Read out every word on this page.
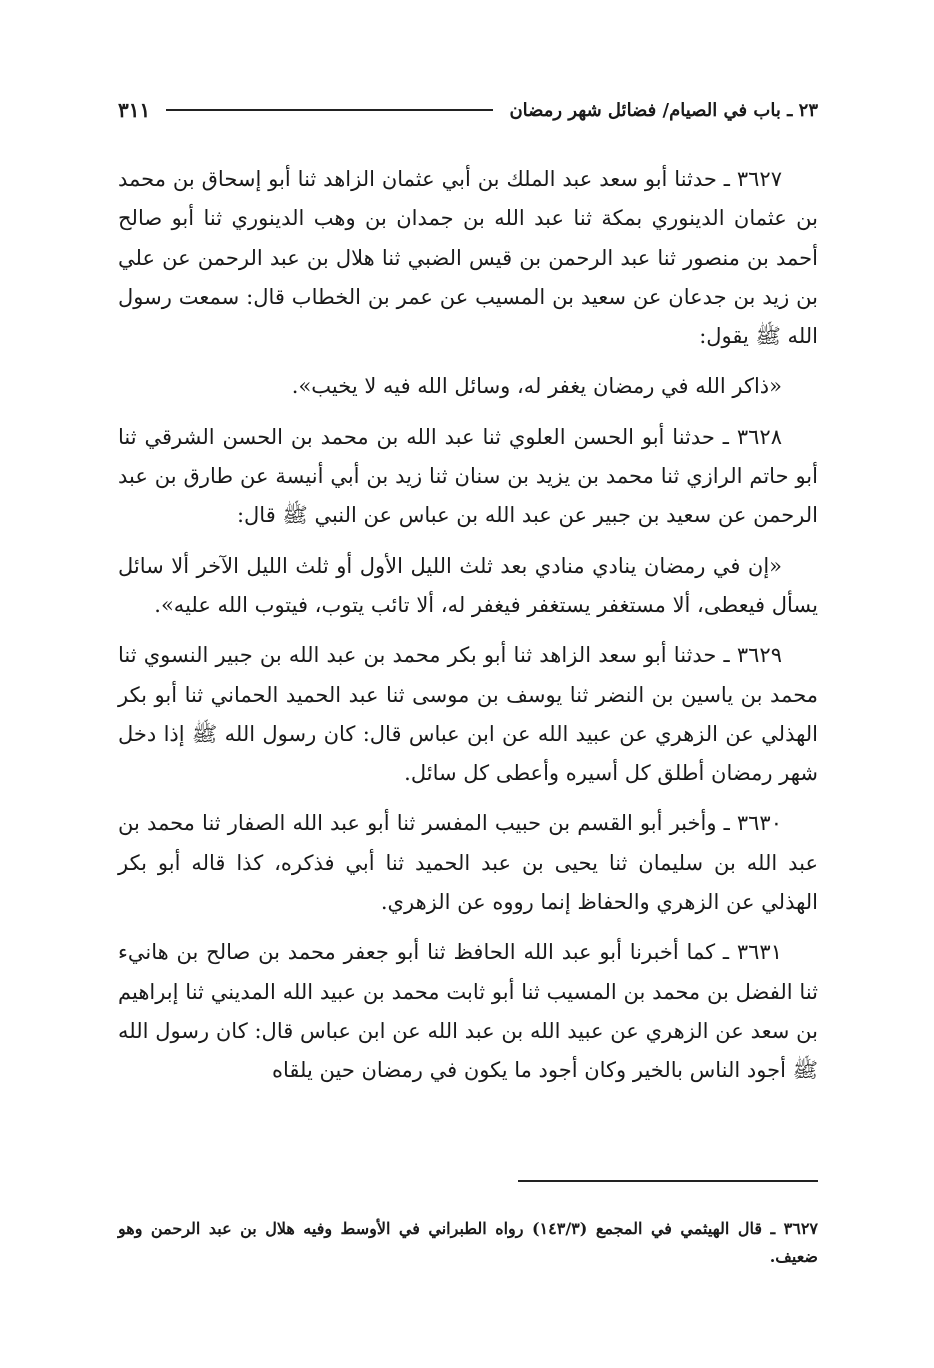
٢٣ ـ باب في الصيام/ فضائل شهر رمضان
٣١١

٣٦٢٧ ـ حدثنا أبو سعد عبد الملك بن أبي عثمان الزاهد ثنا أبو إسحاق بن محمد بن عثمان الدينوري بمكة ثنا عبد الله بن جمدان بن وهب الدينوري ثنا أبو صالح أحمد بن منصور ثنا عبد الرحمن بن قيس الضبي ثنا هلال بن عبد الرحمن عن علي بن زيد بن جدعان عن سعيد بن المسيب عن عمر بن الخطاب قال: سمعت رسول الله ﷺ يقول:

«ذاكر الله في رمضان يغفر له، وسائل الله فيه لا يخيب».

٣٦٢٨ ـ حدثنا أبو الحسن العلوي ثنا عبد الله بن محمد بن الحسن الشرقي ثنا أبو حاتم الرازي ثنا محمد بن يزيد بن سنان ثنا زيد بن أبي أنيسة عن طارق بن عبد الرحمن عن سعيد بن جبير عن عبد الله بن عباس عن النبي ﷺ قال:

«إن في رمضان ينادي منادي بعد ثلث الليل الأول أو ثلث الليل الآخر ألا سائل يسأل فيعطى، ألا مستغفر يستغفر فيغفر له، ألا تائب يتوب، فيتوب الله عليه».

٣٦٢٩ ـ حدثنا أبو سعد الزاهد ثنا أبو بكر محمد بن عبد الله بن جبير النسوي ثنا محمد بن ياسين بن النضر ثنا يوسف بن موسى ثنا عبد الحميد الحماني ثنا أبو بكر الهذلي عن الزهري عن عبيد الله عن ابن عباس قال: كان رسول الله ﷺ إذا دخل شهر رمضان أطلق كل أسيره وأعطى كل سائل.

٣٦٣٠ ـ وأخبر أبو القسم بن حبيب المفسر ثنا أبو عبد الله الصفار ثنا محمد بن عبد الله بن سليمان ثنا يحيى بن عبد الحميد ثنا أبي فذكره، كذا قاله أبو بكر الهذلي عن الزهري والحفاظ إنما رووه عن الزهري.

٣٦٣١ ـ كما أخبرنا أبو عبد الله الحافظ ثنا أبو جعفر محمد بن صالح بن هانيء ثنا الفضل بن محمد بن المسيب ثنا أبو ثابت محمد بن عبيد الله المديني ثنا إبراهيم بن سعد عن الزهري عن عبيد الله بن عبد الله عن ابن عباس قال: كان رسول الله ﷺ أجود الناس بالخير وكان أجود ما يكون في رمضان حين يلقاه

٣٦٢٧ ـ قال الهيثمي في المجمع (١٤٣/٣) رواه الطبراني في الأوسط وفيه هلال بن عبد الرحمن وهو ضعيف.
